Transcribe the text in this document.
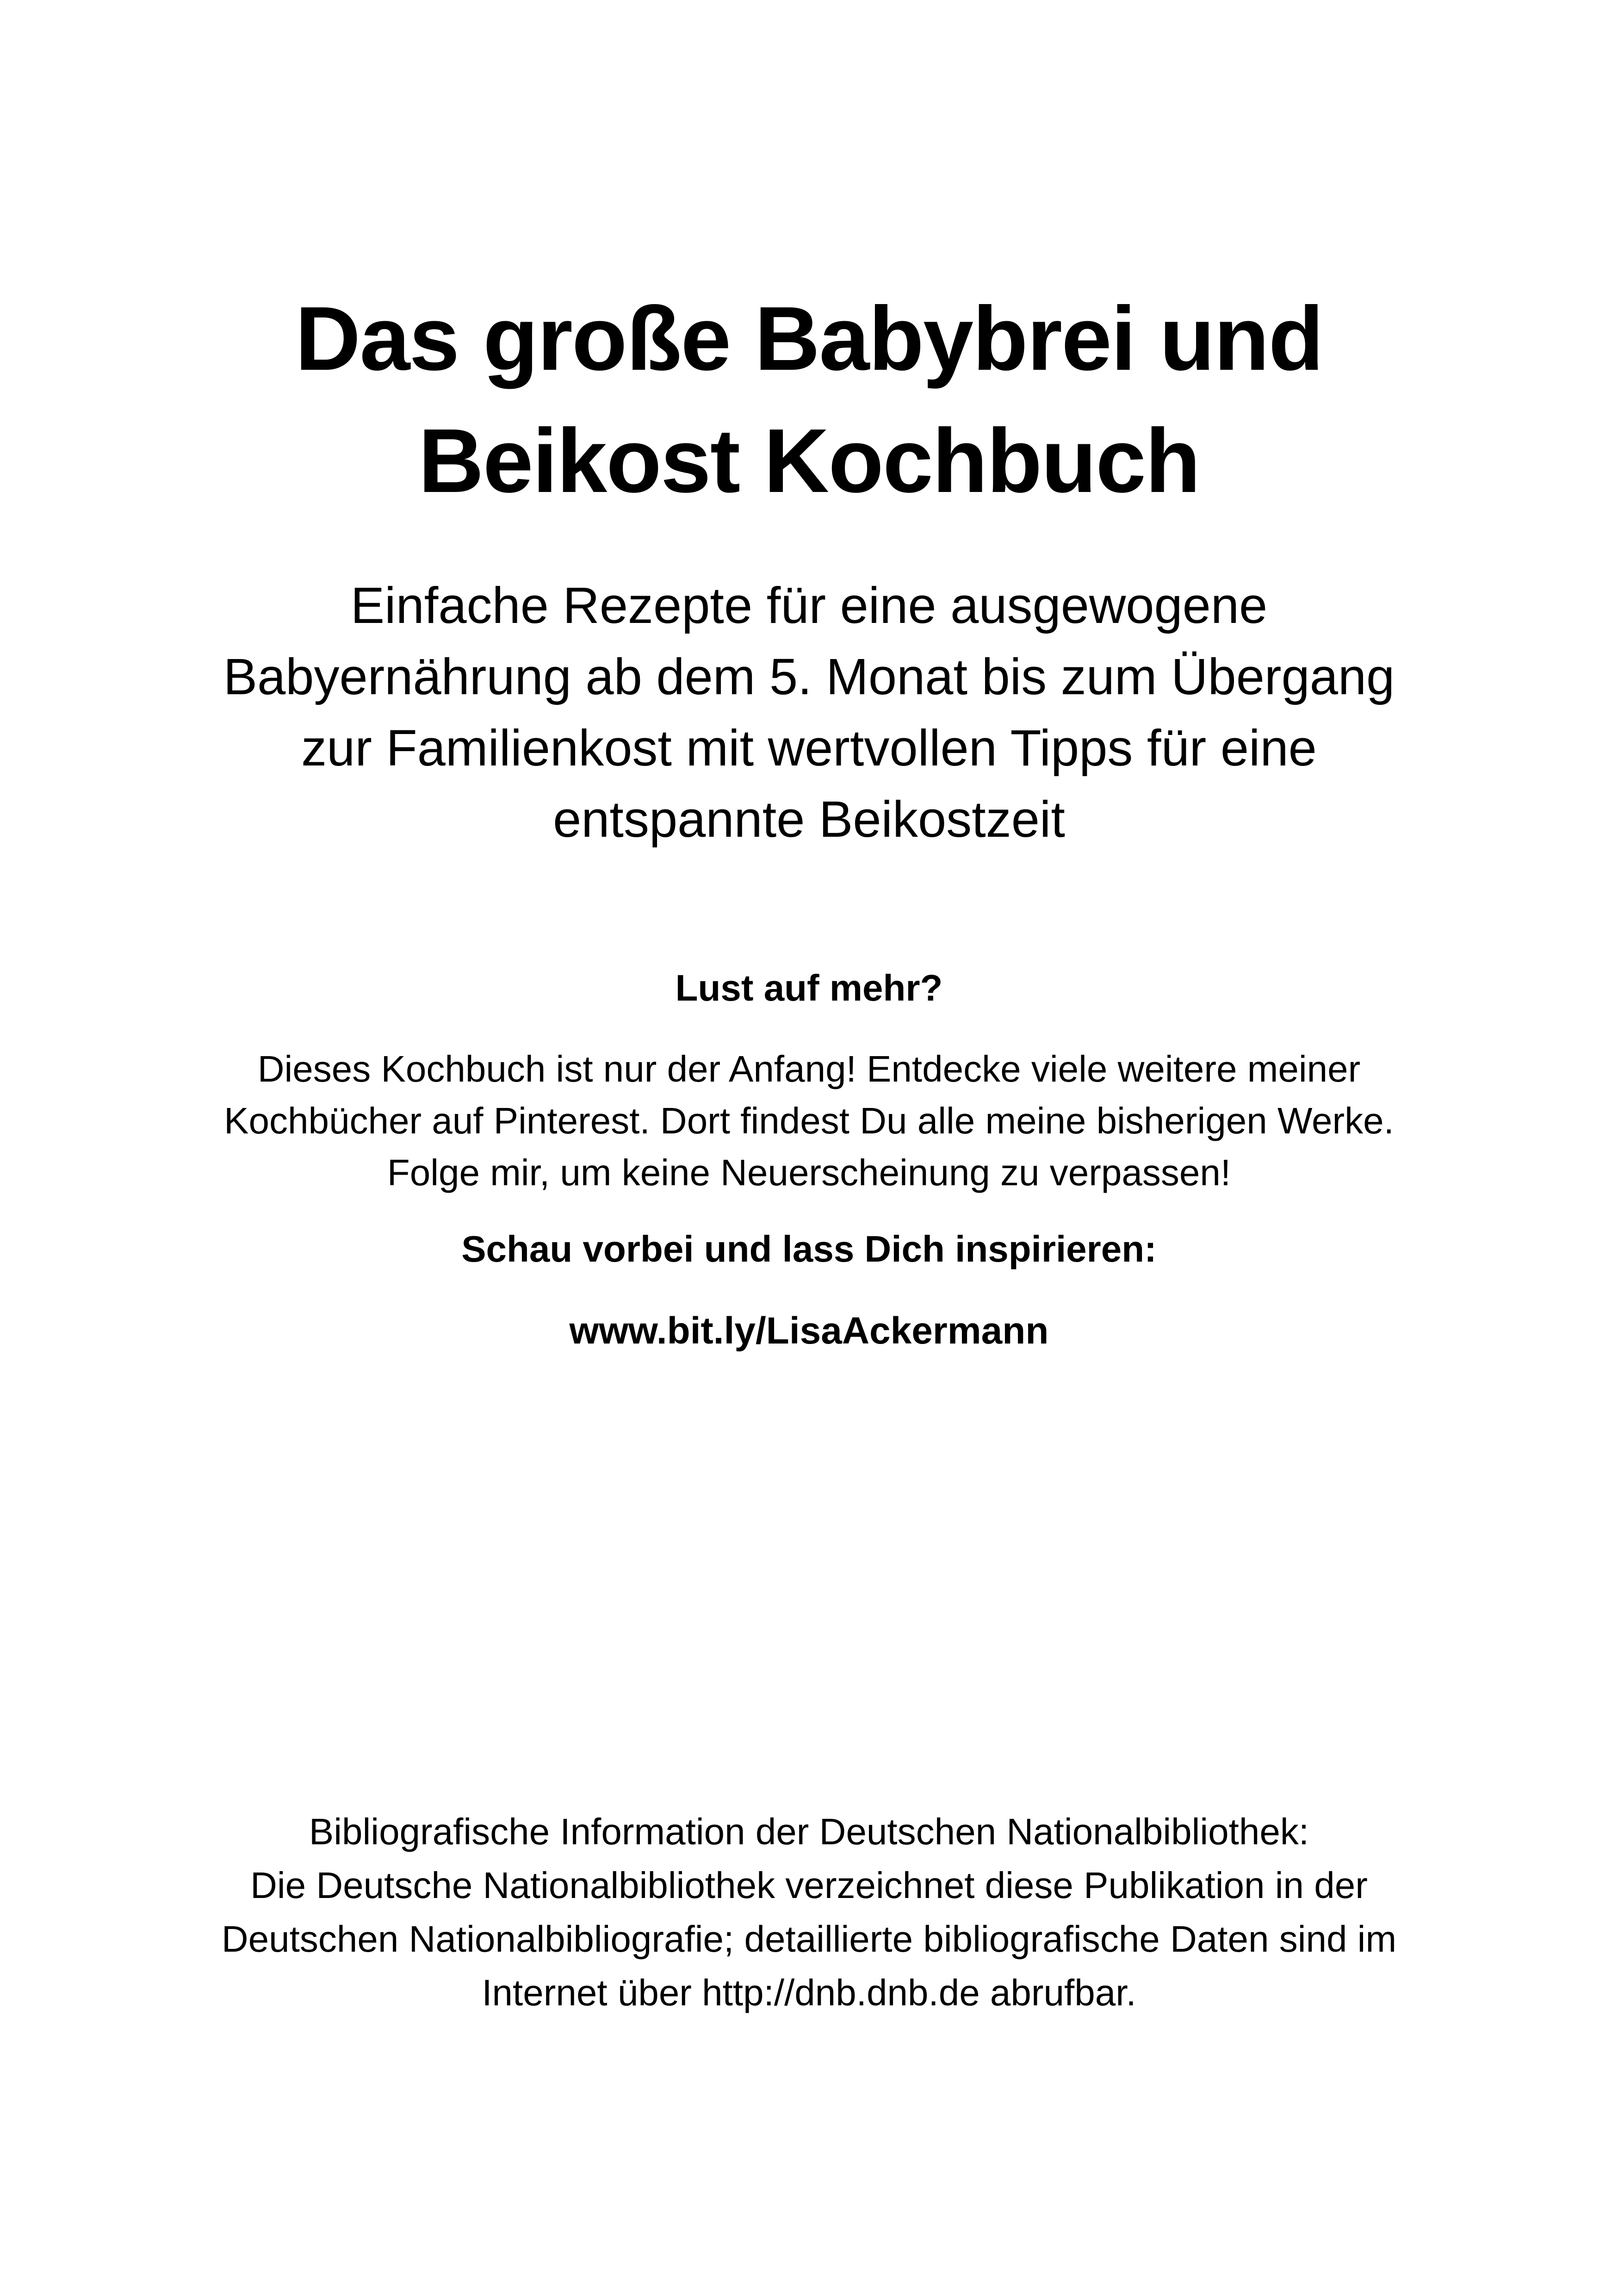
Das große Babybrei und
Beikost Kochbuch

Einfache Rezepte für eine ausgewogene
Babyernährung ab dem 5. Monat bis zum Übergang
zur Familienkost mit wertvollen Tipps für eine
entspannte Beikostzeit

Lust auf mehr?

Dieses Kochbuch ist nur der Anfang! Entdecke viele weitere meiner
Kochbücher auf Pinterest. Dort findest Du alle meine bisherigen Werke.
Folge mir, um keine Neuerscheinung zu verpassen!

Schau vorbei und lass Dich inspirieren:

www.bit.ly/LisaAckermann

Bibliografische Information der Deutschen Nationalbibliothek:
Die Deutsche Nationalbibliothek verzeichnet diese Publikation in der
Deutschen Nationalbibliografie; detaillierte bibliografische Daten sind im
Internet über http://dnb.dnb.de abrufbar.
